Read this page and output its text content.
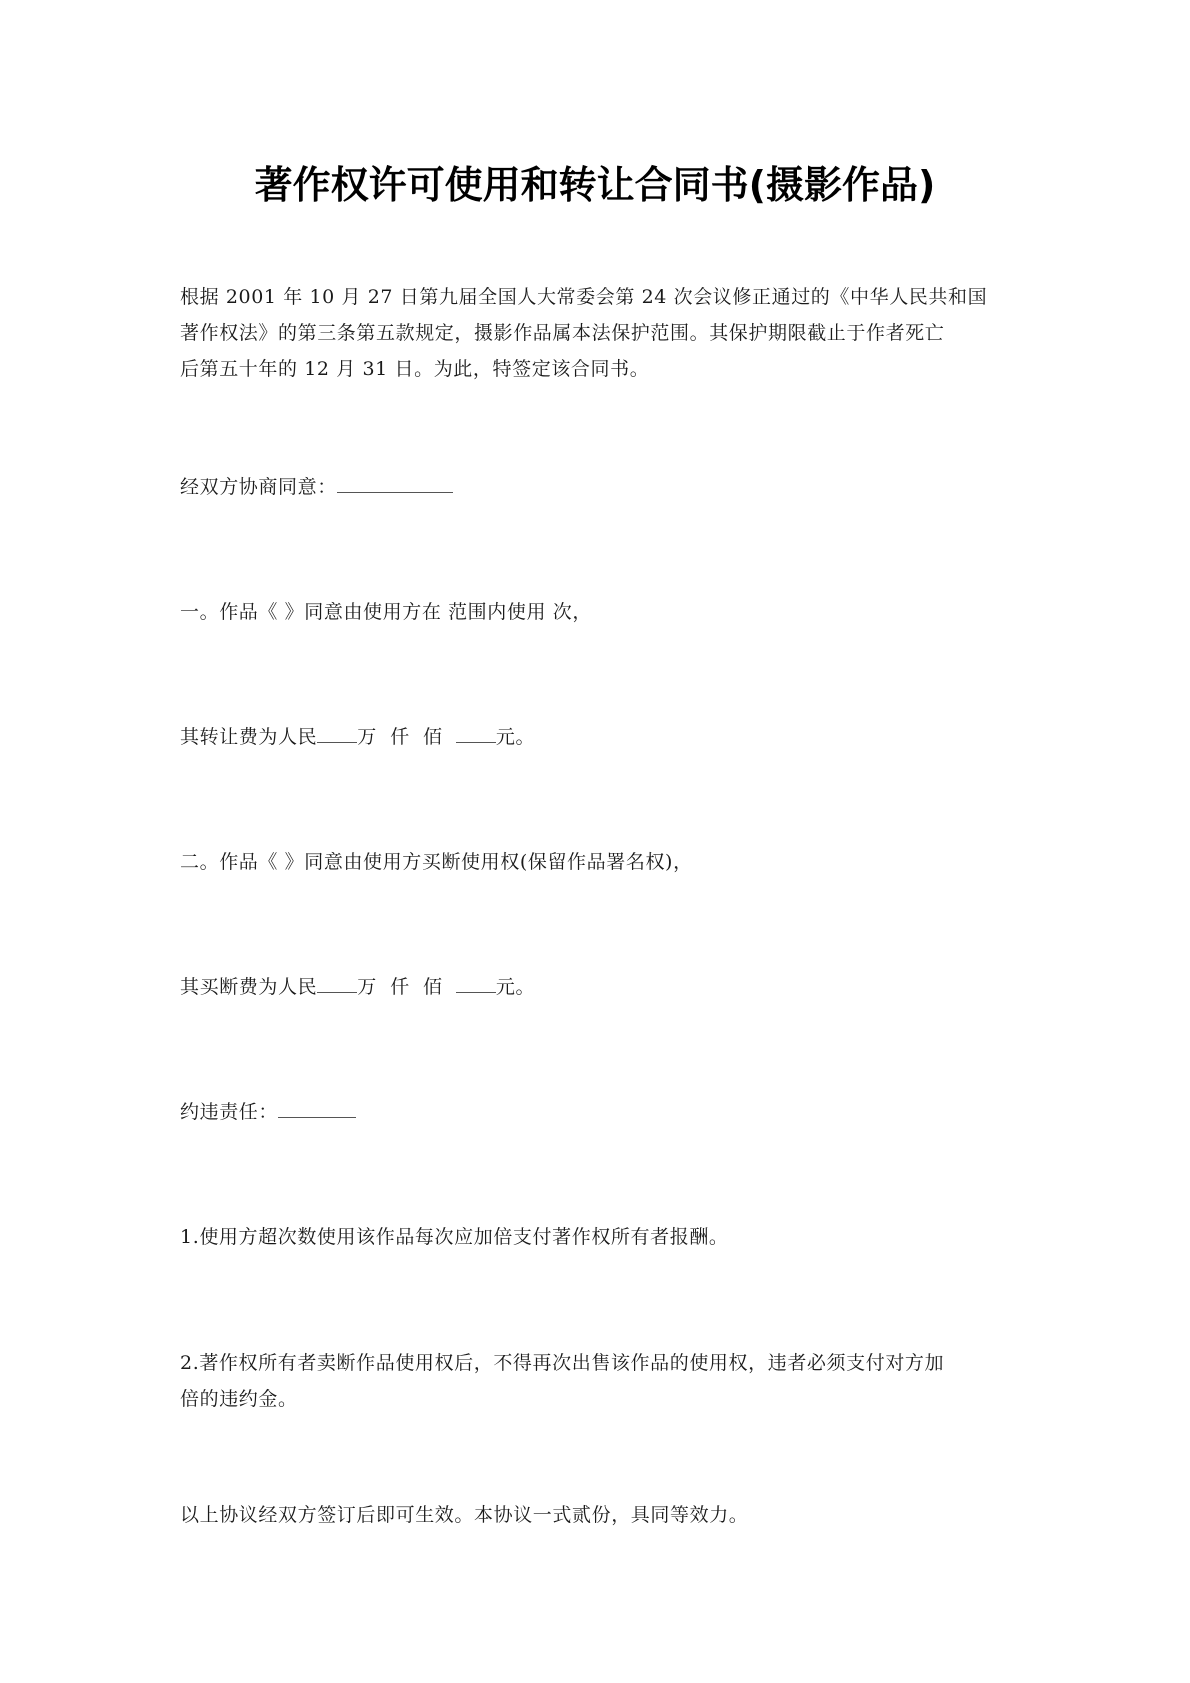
著作权许可使用和转让合同书(摄影作品)
根据 2001 年 10 月 27 日第九届全国人大常委会第 24 次会议修正通过的《中华人民共和国
著作权法》的第三条第五款规定，摄影作品属本法保护范围。其保护期限截止于作者死亡
后第五十年的 12 月 31 日。为此，特签定该合同书。
经双方协商同意：
一。作品《 》同意由使用方在 范围内使用 次，
其转让费为人民 万  仟  佰  元。
二。作品《 》同意由使用方买断使用权(保留作品署名权)，
其买断费为人民 万  仟  佰  元。
约违责任：
1.使用方超次数使用该作品每次应加倍支付著作权所有者报酬。
2.著作权所有者卖断作品使用权后，不得再次出售该作品的使用权，违者必须支付对方加
倍的违约金。
以上协议经双方签订后即可生效。本协议一式贰份，具同等效力。
